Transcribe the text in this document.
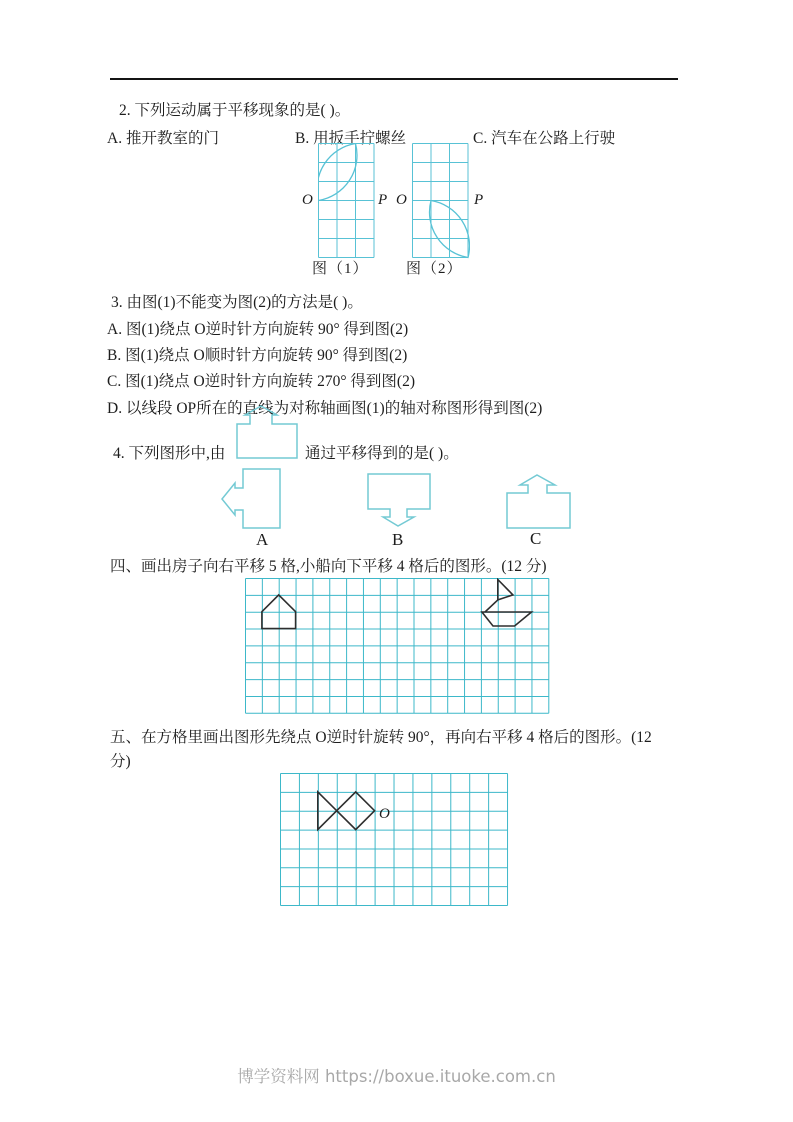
2. 下列运动属于平移现象的是( )。
A. 推开教室的门	B. 用扳手拧螺丝	C. 汽车在公路上行驶
O	P O	P
图（1） 图（2）
3. 由图(1)不能变为图(2)的方法是( )。
A. 图(1)绕点 O逆时针方向旋转 90° 得到图(2)
B. 图(1)绕点 O顺时针方向旋转 90° 得到图(2)
C. 图(1)绕点 O逆时针方向旋转 270° 得到图(2)
D. 以线段 OP所在的直线为对称轴画图(1)的轴对称图形得到图(2)
4. 下列图形中,由	通过平移得到的是( )。
A	B	C
四、画出房子向右平移 5 格,小船向下平移 4 格后的图形。(12 分)
五、在方格里画出图形先绕点 O逆时针旋转 90°，再向右平移 4 格后的图形。(12
分)
O
博学资料网 https://boxue.ituoke.com.cn
